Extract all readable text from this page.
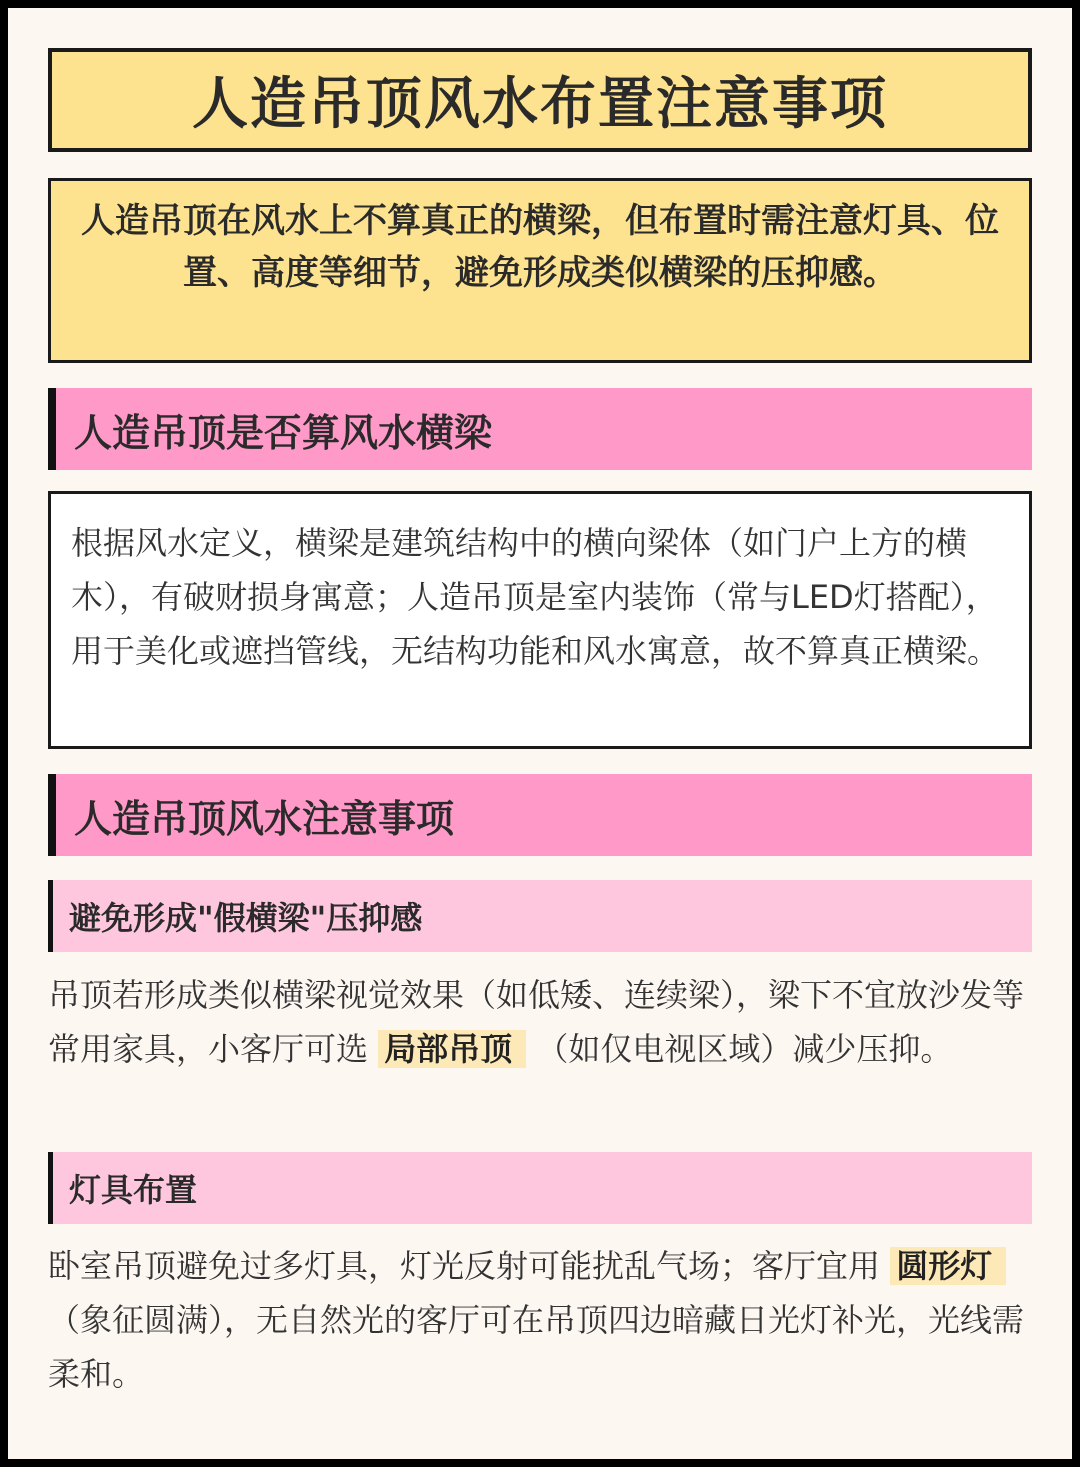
人造吊顶风水布置注意事项
人造吊顶在风水上不算真正的横梁，但布置时需注意灯具、位置、高度等细节，避免形成类似横梁的压抑感。
人造吊顶是否算风水横梁
根据风水定义，横梁是建筑结构中的横向梁体（如门户上方的横木），有破财损身寓意；人造吊顶是室内装饰（常与LED灯搭配），用于美化或遮挡管线，无结构功能和风水寓意，故不算真正横梁。
人造吊顶风水注意事项
避免形成"假横梁"压抑感
吊顶若形成类似横梁视觉效果（如低矮、连续梁），梁下不宜放沙发等常用家具，小客厅可选 局部吊顶 （如仅电视区域）减少压抑。
灯具布置
卧室吊顶避免过多灯具，灯光反射可能扰乱气场；客厅宜用 圆形灯 （象征圆满），无自然光的客厅可在吊顶四边暗藏日光灯补光，光线需柔和。
